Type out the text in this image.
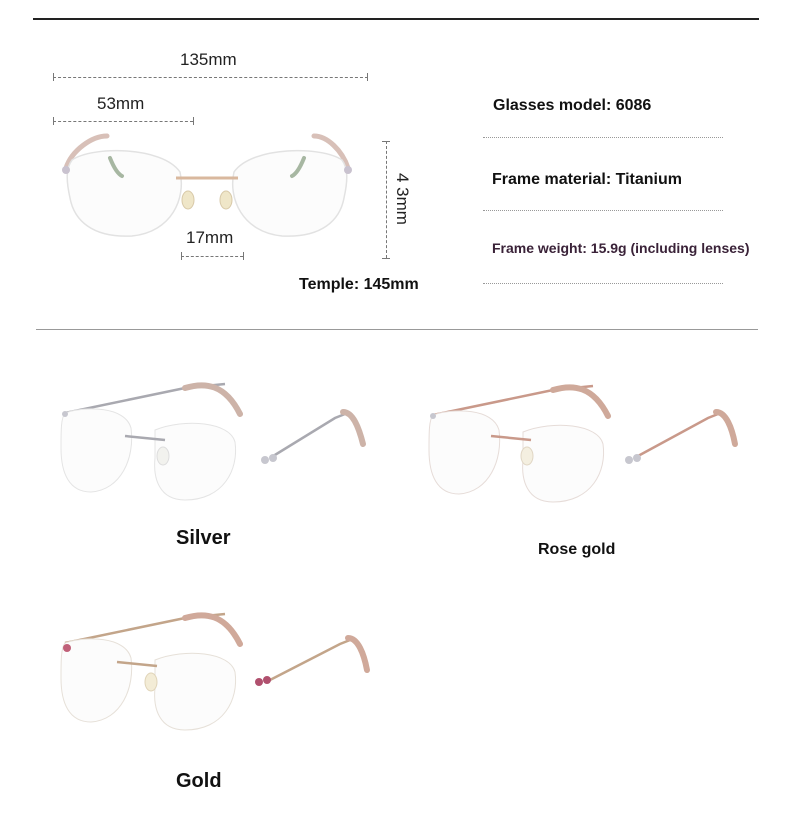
135mm
53mm
17mm
4 3mm
Temple: 145mm
Glasses model: 6086
Frame material: Titanium
Frame weight: 15.9g (including lenses)
Silver
Rose gold
Gold
